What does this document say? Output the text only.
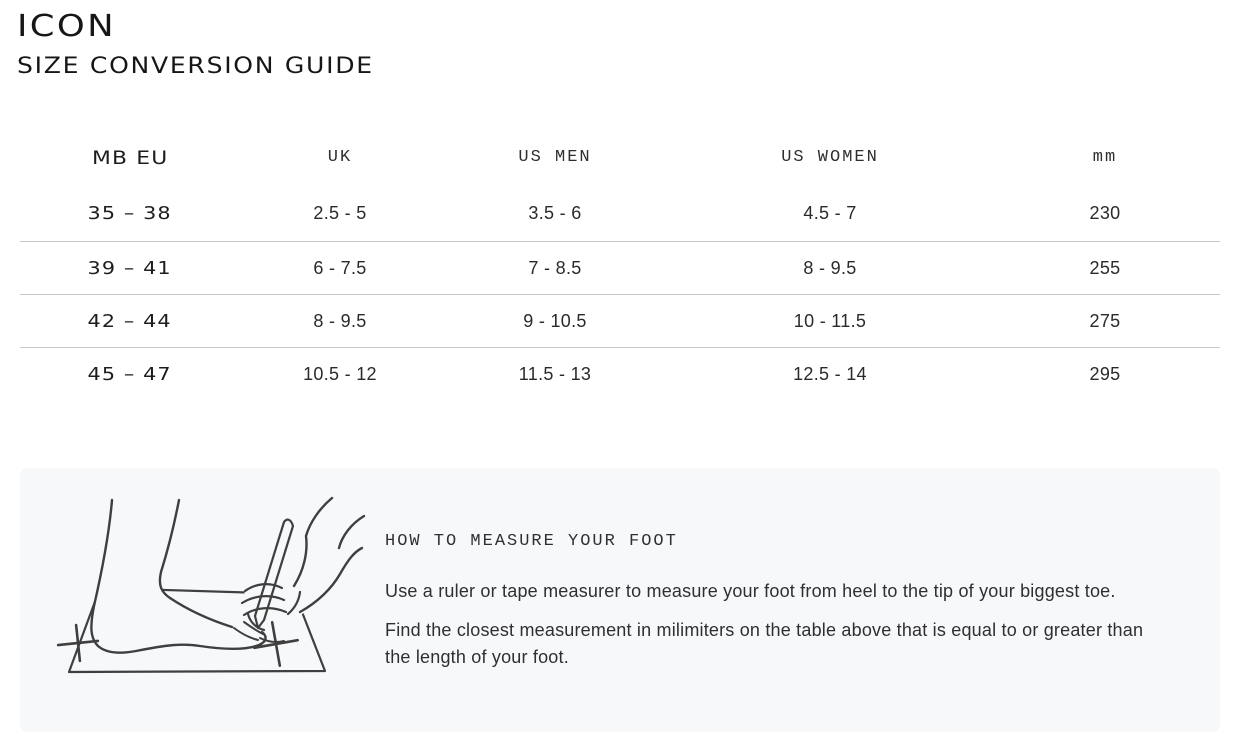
ICON
SIZE CONVERSION GUIDE
MB EU	UK	US MEN	US WOMEN	mm
35 – 38	2.5 - 5	3.5 - 6	4.5 - 7	230
39 – 41	6 - 7.5	7 - 8.5	8 - 9.5	255
42 – 44	8 - 9.5	9 - 10.5	10 - 11.5	275
45 – 47	10.5 - 12	11.5 - 13	12.5 - 14	295
HOW TO MEASURE YOUR FOOT

Use a ruler or tape measurer to measure your foot from heel to the tip of your biggest toe.

Find the closest measurement in milimiters on the table above that is equal to or greater than the length of your foot.
